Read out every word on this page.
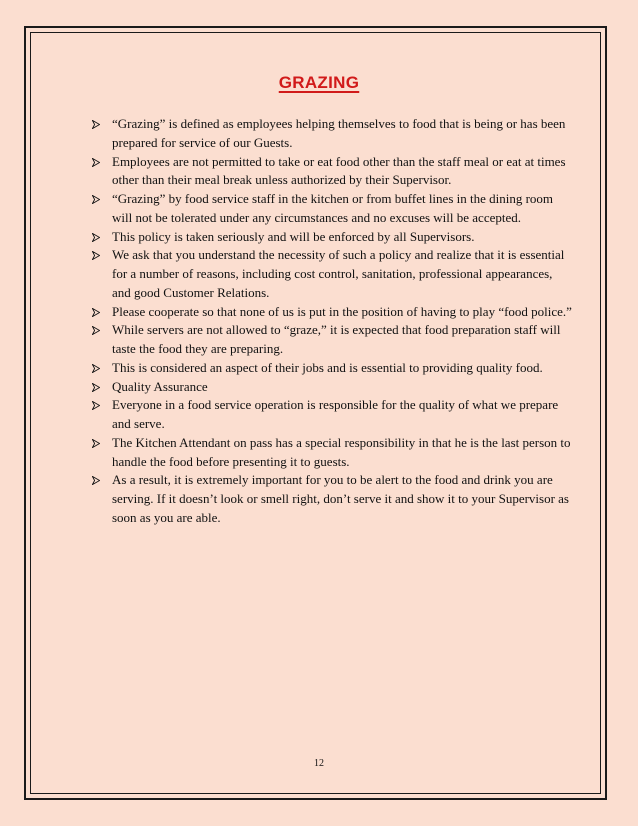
GRAZING
“Grazing” is defined as employees helping themselves to food that is being or has been prepared for service of our Guests.
Employees are not permitted to take or eat food other than the staff meal or eat at times other than their meal break unless authorized by their Supervisor.
“Grazing” by food service staff in the kitchen or from buffet lines in the dining room will not be tolerated under any circumstances and no excuses will be accepted.
This policy is taken seriously and will be enforced by all Supervisors.
We ask that you understand the necessity of such a policy and realize that it is essential for a number of reasons, including cost control, sanitation, professional appearances, and good Customer Relations.
Please cooperate so that none of us is put in the position of having to play “food police.”
While servers are not allowed to “graze,” it is expected that food preparation staff will taste the food they are preparing.
This is considered an aspect of their jobs and is essential to providing quality food.
Quality Assurance
Everyone in a food service operation is responsible for the quality of what we prepare and serve.
The Kitchen Attendant on pass has a special responsibility in that he is the last person to handle the food before presenting it to guests.
As a result, it is extremely important for you to be alert to the food and drink you are serving. If it doesn’t look or smell right, don’t serve it and show it to your Supervisor as soon as you are able.
12
